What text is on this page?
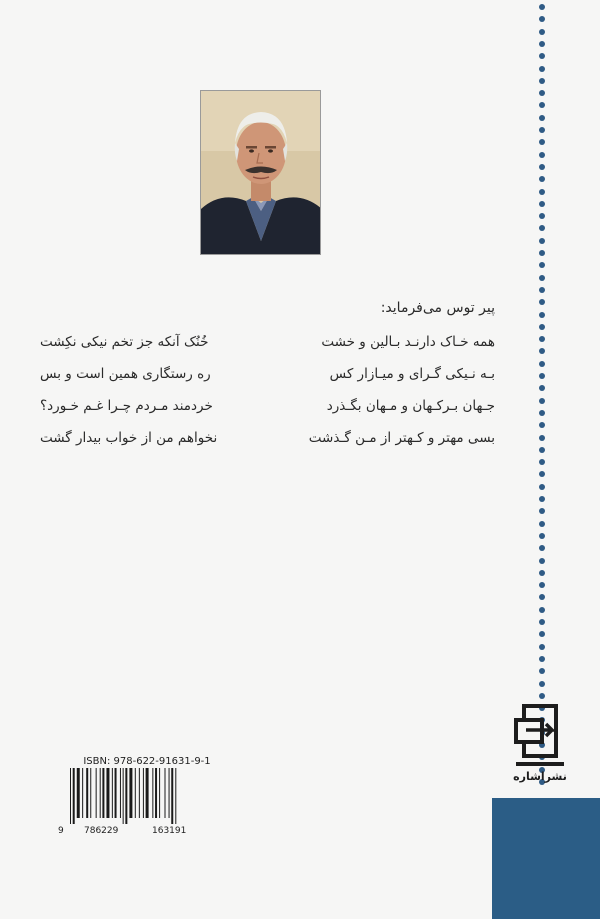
پیر توس می‌فرماید:
همه خـاک دارنـد بـالین و خشت
خُنُک آنکه جز تخم نیکی نکِشت
بـه نـیکی گـرای و میـازار کس
ره رستگاری همین است و بس
جـهان بـرکـهان و مـهان بگـذرد
خردمند مـردم چـرا غـم خـورد؟
بسی مهتر و کـهتر از مـن گـذشت
نخواهم من از خواب بیدار گشت
نشراشاره
ISBN: 978-622-91631-9-1
9 786229	163191
